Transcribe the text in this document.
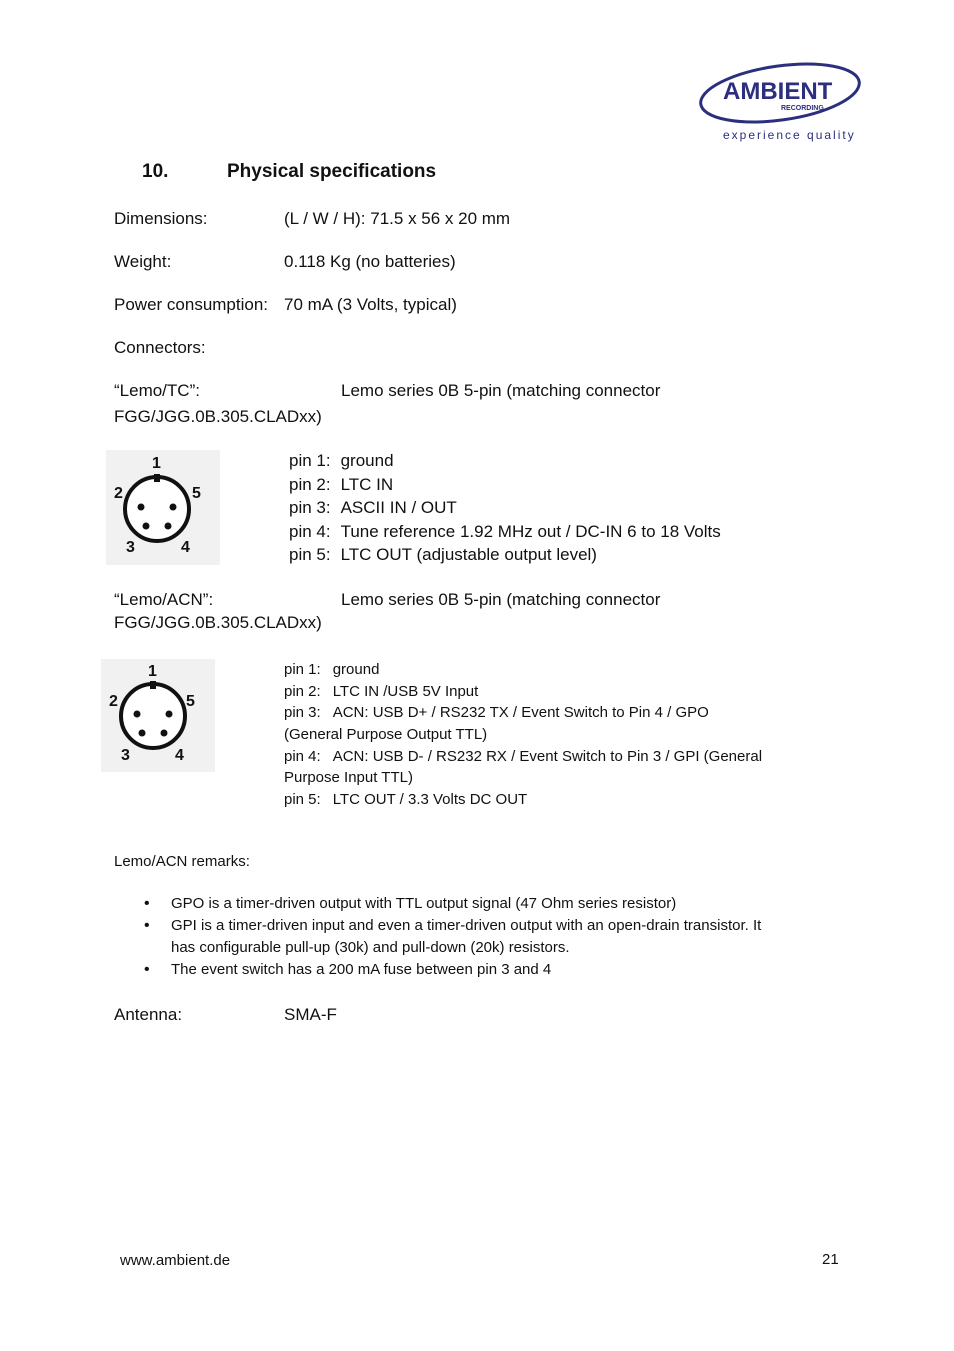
AMBIENT
RECORDING
experience quality
10.	Physical specifications
Dimensions:	(L / W / H): 71.5 x 56 x 20 mm
Weight:	0.118 Kg (no batteries)
Power consumption: 70 mA (3 Volts, typical)
Connectors:
“Lemo/TC”:	Lemo series 0B 5-pin (matching connector
FGG/JGG.0B.305.CLADxx)
1
2	5
3	4
pin 1: ground
pin 2: LTC IN
pin 3: ASCII IN / OUT
pin 4: Tune reference 1.92 MHz out / DC-IN 6 to 18 Volts
pin 5: LTC OUT (adjustable output level)
“Lemo/ACN”:	Lemo series 0B 5-pin (matching connector
FGG/JGG.0B.305.CLADxx)
1
2	5
3	4
pin 1: ground
pin 2: LTC IN /USB 5V Input
pin 3: ACN: USB D+ / RS232 TX / Event Switch to Pin 4 / GPO
(General Purpose Output TTL)
pin 4: ACN: USB D- / RS232 RX / Event Switch to Pin 3 / GPI (General
Purpose Input TTL)
pin 5: LTC OUT / 3.3 Volts DC OUT
Lemo/ACN remarks:
• GPO is a timer-driven output with TTL output signal (47 Ohm series resistor)
• GPI is a timer-driven input and even a timer-driven output with an open-drain transistor. It
has configurable pull-up (30k) and pull-down (20k) resistors.
• The event switch has a 200 mA fuse between pin 3 and 4
Antenna:	SMA-F
www.ambient.de	21
